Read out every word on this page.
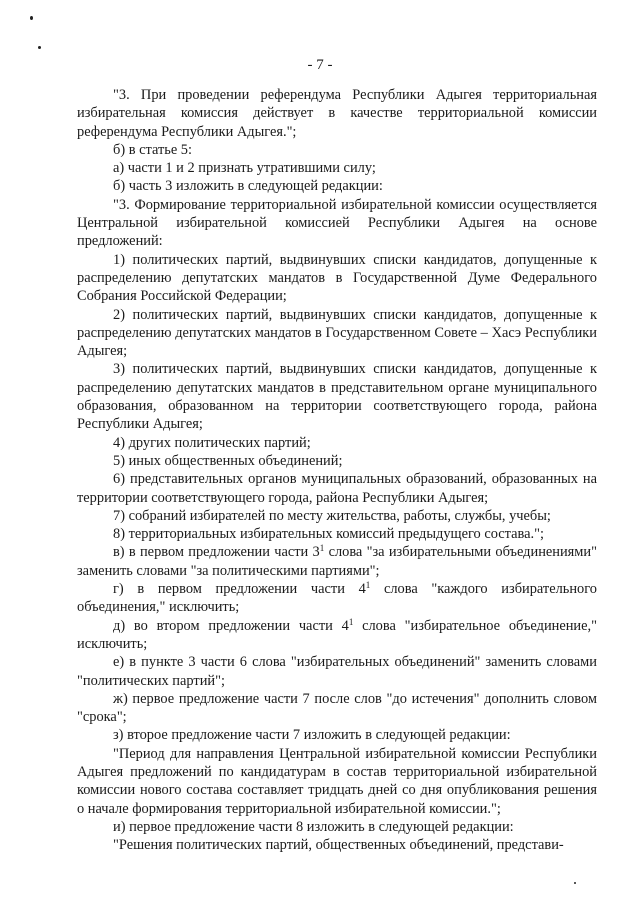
- 7 -

"3. При проведении референдума Республики Адыгея территориальная избирательная комиссия действует в качестве территориальной комиссии референдума Республики Адыгея.";

б) в статье 5:

а) части 1 и 2 признать утратившими силу;

б) часть 3 изложить в следующей редакции:

"3. Формирование территориальной избирательной комиссии осуществляется Центральной избирательной комиссией Республики Адыгея на основе предложений:

1) политических партий, выдвинувших списки кандидатов, допущенные к распределению депутатских мандатов в Государственной Думе Федерального Собрания Российской Федерации;

2) политических партий, выдвинувших списки кандидатов, допущенные к распределению депутатских мандатов в Государственном Совете – Хасэ Республики Адыгея;

3) политических партий, выдвинувших списки кандидатов, допущенные к распределению депутатских мандатов в представительном органе муниципального образования, образованном на территории соответствующего города, района Республики Адыгея;

4) других политических партий;

5) иных общественных объединений;

6) представительных органов муниципальных образований, образованных на территории соответствующего города, района Республики Адыгея;

7) собраний избирателей по месту жительства, работы, службы, учебы;

8) территориальных избирательных комиссий предыдущего состава.";

в) в первом предложении части $3^1$ слова "за избирательными объединениями" заменить словами "за политическими партиями";

г) в первом предложении части $4^1$ слова "каждого избирательного объединения," исключить;

д) во втором предложении части $4^1$ слова "избирательное объединение," исключить;

е) в пункте 3 части 6 слова "избирательных объединений" заменить словами "политических партий";

ж) первое предложение части 7 после слов "до истечения" дополнить словом "срока";

з) второе предложение части 7 изложить в следующей редакции:

"Период для направления Центральной избирательной комиссии Республики Адыгея предложений по кандидатурам в состав территориальной избирательной комиссии нового состава составляет тридцать дней со дня опубликования решения о начале формирования территориальной избирательной комиссии.";

и) первое предложение части 8 изложить в следующей редакции:

"Решения политических партий, общественных объединений, представи-
